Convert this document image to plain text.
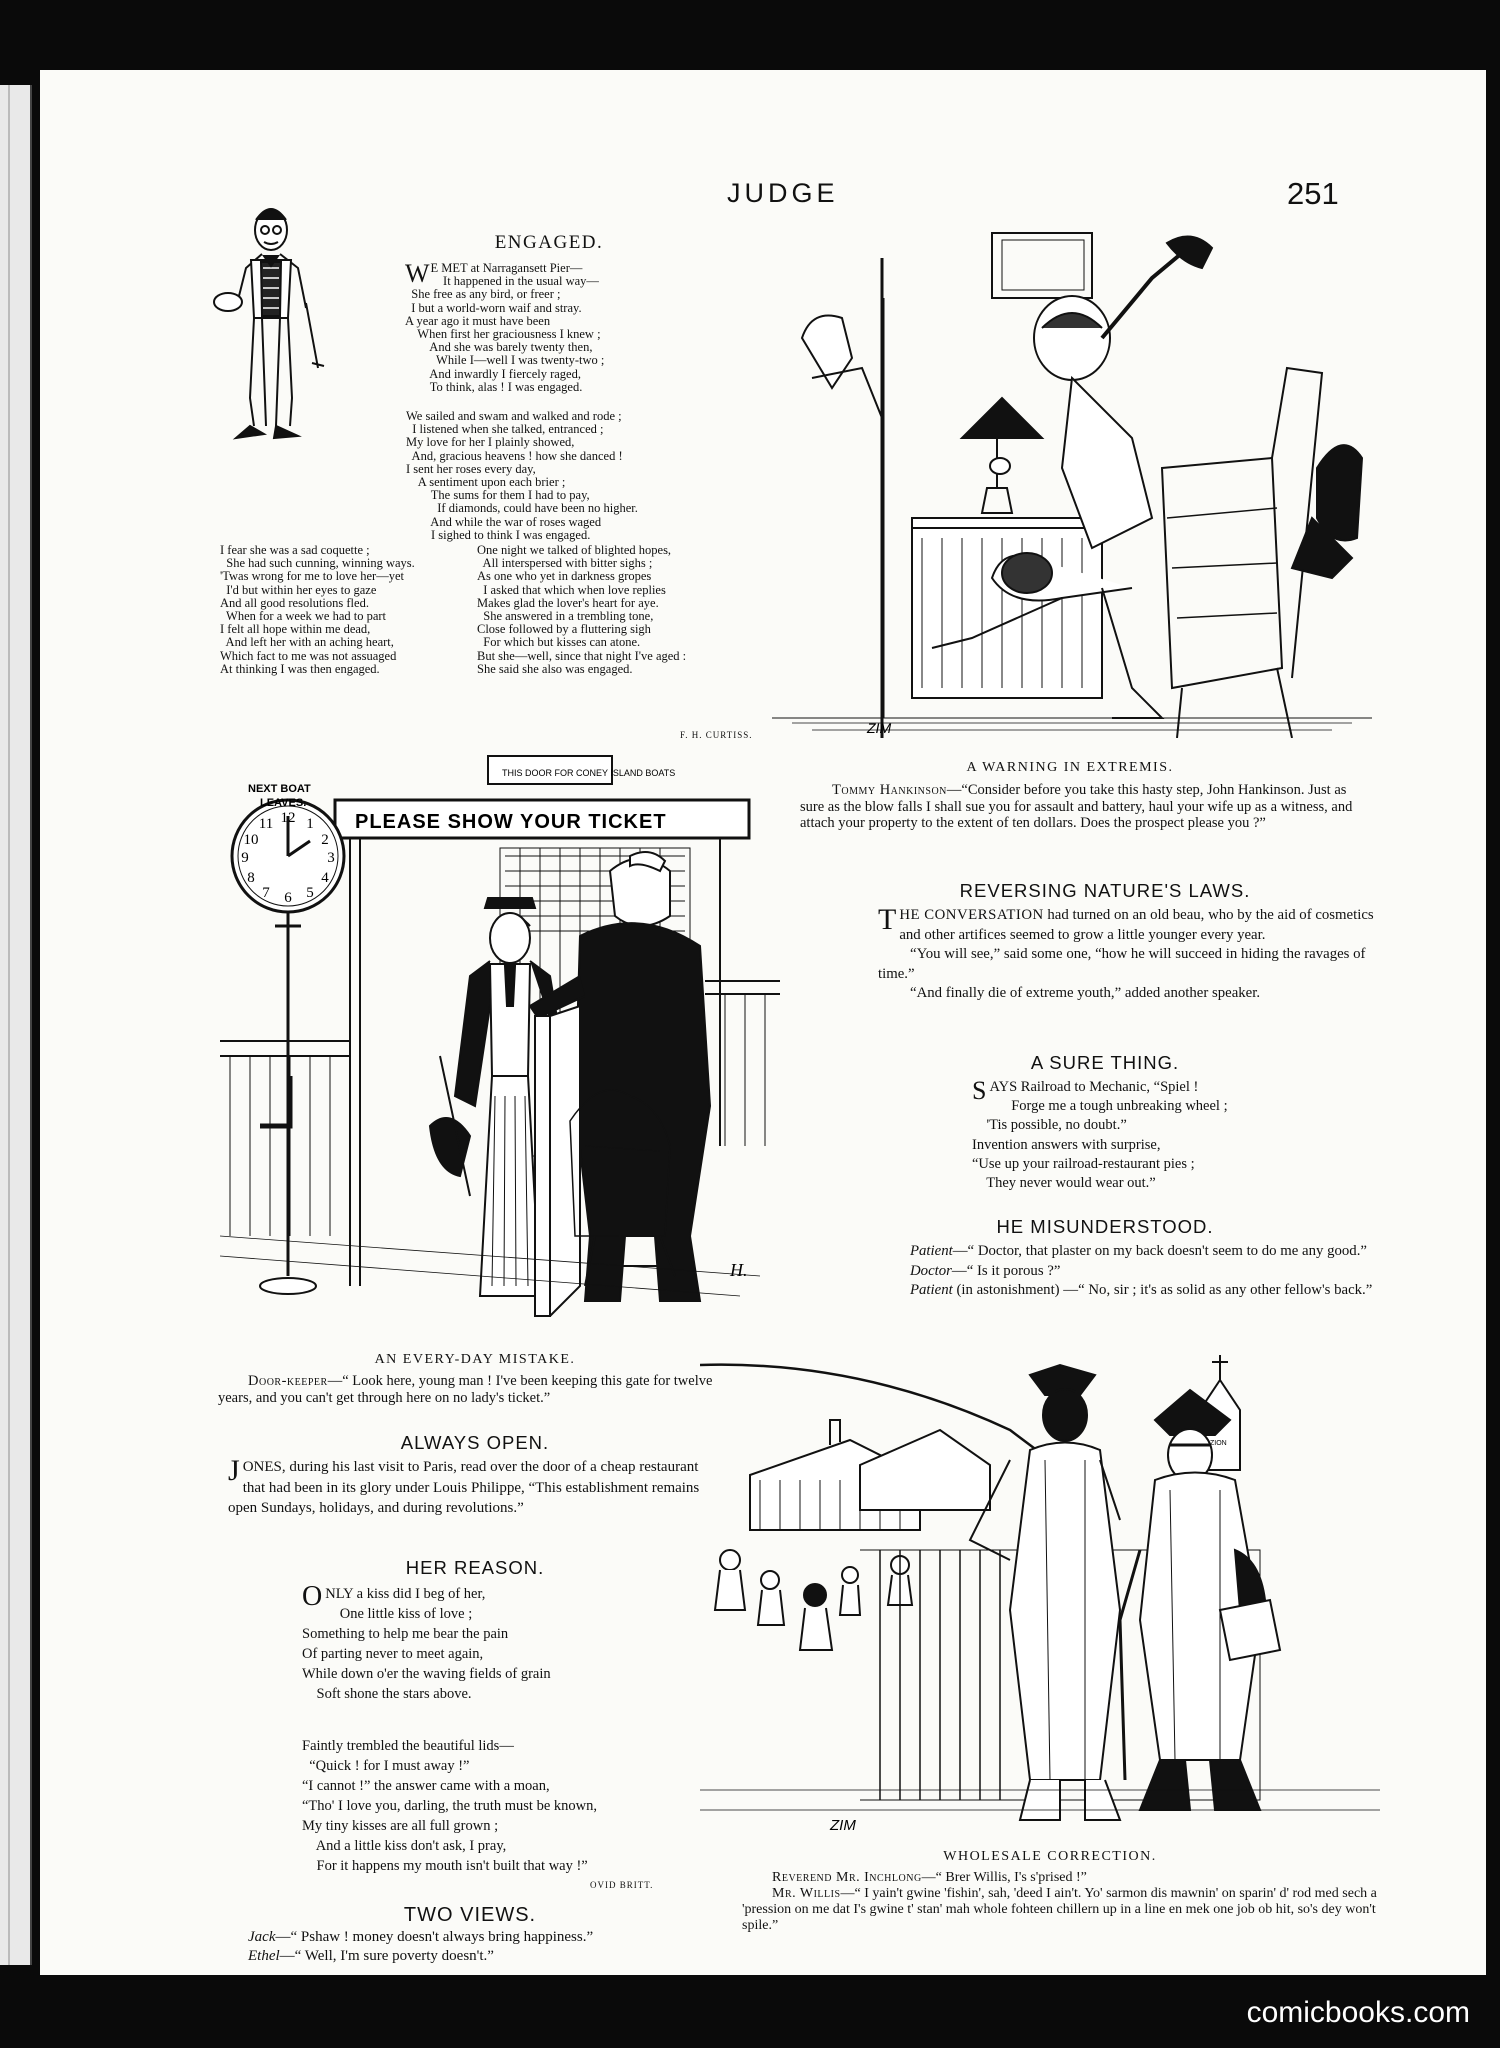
JUDGE	251
ENGAGED.
W E MET at Narragansett Pier—

It happened in the usual way—

She free as any bird, or freer ;

I but a world-worn waif and stray.

A year ago it must have been

When first her graciousness I knew ;

And she was barely twenty then,

While I—well I was twenty-two ;

And inwardly I fiercely raged,

To think, alas ! I was engaged.

We sailed and swam and walked and rode ;

I listened when she talked, entranced ;

My love for her I plainly showed,

And, gracious heavens ! how she danced !

I sent her roses every day,

A sentiment upon each brier ;

The sums for them I had to pay,

If diamonds, could have been no higher.

And while the war of roses waged

I sighed to think I was engaged.

I fear she was a sad coquette ;

She had such cunning, winning ways.

'Twas wrong for me to love her—yet

I'd but within her eyes to gaze

And all good resolutions fled.

When for a week we had to part

I felt all hope within me dead,

And left her with an aching heart,

Which fact to me was not assuaged

At thinking I was then engaged.

One night we talked of blighted hopes,

All interspersed with bitter sighs ;

As one who yet in darkness gropes

I asked that which when love replies

Makes glad the lover's heart for aye.

She answered in a trembling tone,

Close followed by a fluttering sigh

For which but kisses can atone.

But she—well, since that night I've aged :

She said she also was engaged.

F. H. CURTISS.	ZIM
A WARNING IN EXTREMIS.
Tommy Hankinson—“Consider before you take this hasty step, John Hankinson. Just as sure as the blow falls I shall sue you for assault and battery, haul your wife up as a witness, and attach your property to the extent of ten dollars. Does the prospect please you ?”
REVERSING NATURE'S LAWS.

THE CONVERSATION had turned on an old beau, who by the aid of cosmetics and other artifices seemed to grow a little younger every year.

“You will see,” said some one, “how he will succeed in hiding the ravages of time.”

“And finally die of extreme youth,” added another speaker.

A SURE THING.
S AYS Railroad to Mechanic, “Spiel !

Forge me a tough unbreaking wheel ;

'Tis possible, no doubt.”

Invention answers with surprise,

“Use up your railroad-restaurant pies ;

They never would wear out.”

HE MISUNDERSTOOD.

Patient—“ Doctor, that plaster on my back doesn't seem to do me any good.”

Doctor—“ Is it porous ?”

Patient (in astonishment) —“ No, sir ; it's as solid as any other fellow's back.”

THIS DOOR FOR CONEY ISLAND BOATS
PLEASE SHOW YOUR TICKET
NEXT BOAT
LEAVES.
12 1
2
3
4
5
6
7
8
9
10
11
H.
AN EVERY-DAY MISTAKE.
Door-keeper—“ Look here, young man ! I've been keeping this gate for twelve years, and you can't get through here on no lady's ticket.”
ALWAYS OPEN.

JONES, during his last visit to Paris, read over the door of a cheap restaurant that had been in its glory under Louis Philippe, “This establishment remains open Sundays, holidays, and during revolutions.”

HER REASON.
O NLY a kiss did I beg of her,

One little kiss of love ;

Something to help me bear the pain

Of parting never to meet again,

While down o'er the waving fields of grain

Soft shone the stars above.

Faintly trembled the beautiful lids—

“Quick ! for I must away !”

“I cannot !” the answer came with a moan,

“Tho' I love you, darling, the truth must be known,

My tiny kisses are all full grown ;

And a little kiss don't ask, I pray,

For it happens my mouth isn't built that way !”

OVID BRITT.
TWO VIEWS.

Jack—“ Pshaw ! money doesn't always bring happiness.”

Ethel—“ Well, I'm sure poverty doesn't.”

ZION
ZIM
WHOLESALE CORRECTION.

Reverend Mr. Inchlong—“ Brer Willis, I's s'prised !”

Mr. Willis—“ I yain't gwine 'fishin', sah, 'deed I ain't. Yo' sarmon dis mawnin' on sparin' d' rod med sech a 'pression on me dat I's gwine t' stan' mah whole fohteen chillern up in a line en mek one job ob hit, so's dey won't spile.”

comicbooks.com
